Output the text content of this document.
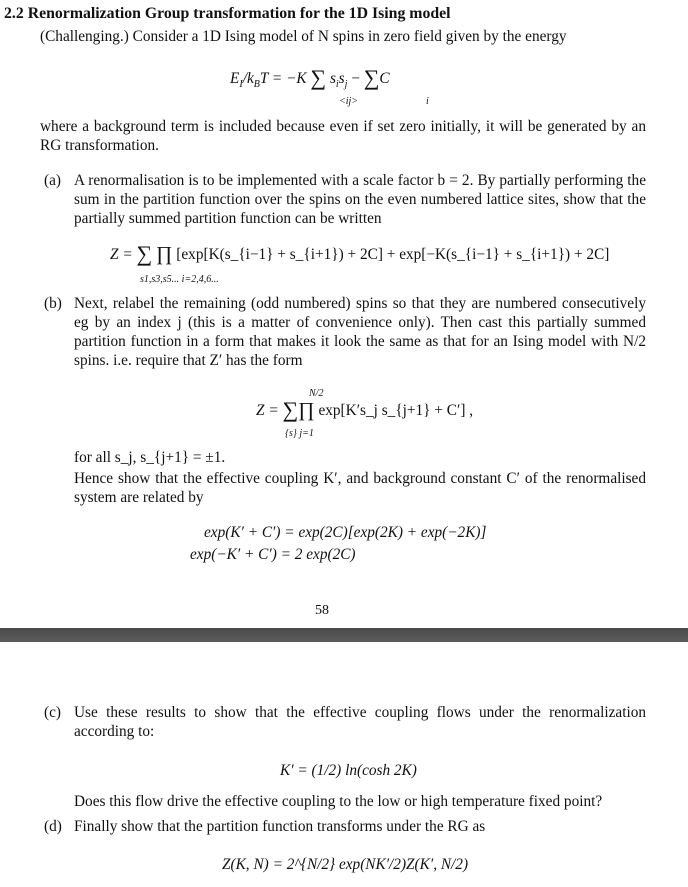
2.2 Renormalization Group transformation for the 1D Ising model
(Challenging.) Consider a 1D Ising model of N spins in zero field given by the energy
$E_I/k_BT = -K$ ∑ $s_is_j - \sum C$
<ij>	i
where a background term is included because even if set zero initially, it will be generated by an RG transformation.
(a) A renormalisation is to be implemented with a scale factor b = 2. By partially performing the sum in the partition function over the spins on the even numbered lattice sites, show that the partially summed partition function can be written
Z = ∑ ∏ [exp[K(s_{i−1} + s_{i+1}) + 2C] + exp[−K(s_{i−1} + s_{i+1}) + 2C]
s1,s3,s5... i=2,4,6...
(b) Next, relabel the remaining (odd numbered) spins so that they are numbered consecutively eg by an index j (this is a matter of convenience only). Then cast this partially summed partition function in a form that makes it look the same as that for an Ising model with N/2 spins. i.e. require that Z′ has the form
N/2
Z = ∑∏ exp[K′s_j s_{j+1} + C′] ,
{s} j=1
for all s_j, s_{j+1} = ±1.
Hence show that the effective coupling K′, and background constant C′ of the renormalised system are related by
exp(K′ + C′) = exp(2C)[exp(2K) + exp(−2K)]
exp(−K′ + C′) = 2 exp(2C)
58
(c) Use these results to show that the effective coupling flows under the renormalization according to:
K′ = (1/2) ln(cosh 2K)
Does this flow drive the effective coupling to the low or high temperature fixed point?
(d) Finally show that the partition function transforms under the RG as
Z(K, N) = 2^{N/2} exp(NK′/2)Z(K′, N/2)
